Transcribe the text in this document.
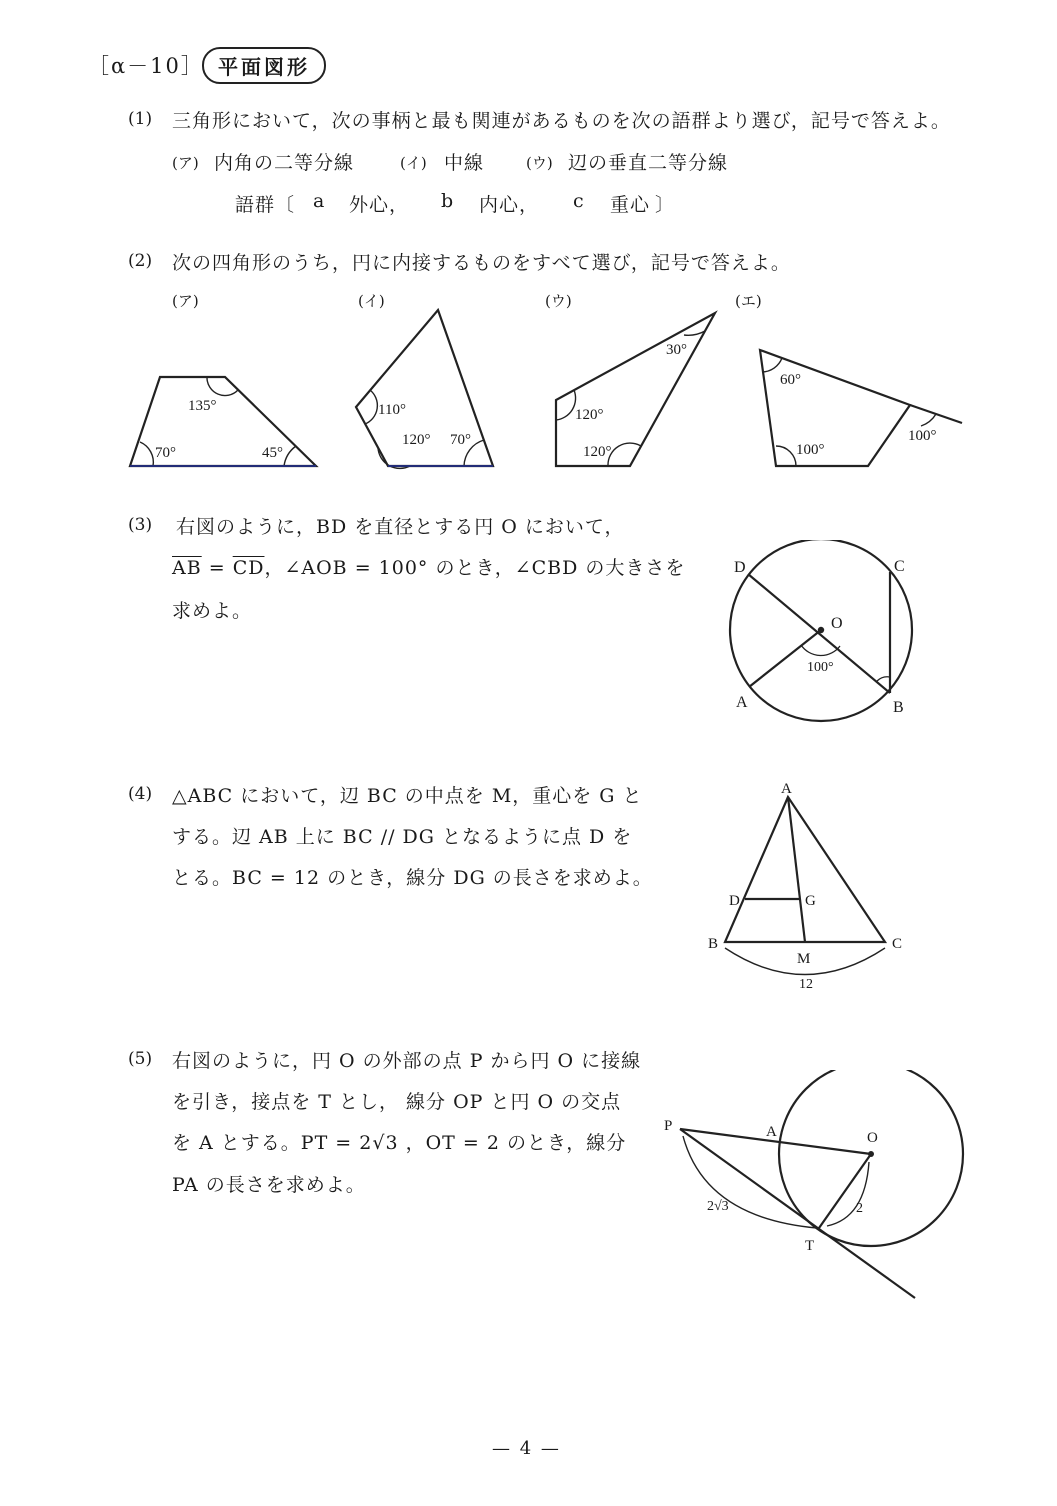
［α－10］ 平面図形
(1) 三角形において，次の事柄と最も関連があるものを次の語群より選び，記号で答えよ。
(ア) 内角の二等分線	(イ) 中線	(ウ) 辺の垂直二等分線
語群〔 a 外心， b 内心， c 重心 〕
(2) 次の四角形のうち，円に内接するものをすべて選び，記号で答えよ。
(ア)	(イ)	(ウ)	(エ)
135°
70°	45°
110°
120° 70°
30°
120°
120°
60°
100°
100°
(3) 右図のように，BD を直径とする円 O において，
$\overline{AB} = \overline{CD}$，∠AOB = 100° のとき，∠CBD の大きさを
求めよ。
D	C
O
100°
A	B
(4) △ABC において，辺 BC の中点を M，重心を G と
する。辺 AB 上に BC // DG となるように点 D を
とる。BC = 12 のとき，線分 DG の長さを求めよ。
A
D	G
B
M
C
12
(5) 右図のように，円 O の外部の点 P から円 O に接線
を引き，接点を T とし， 線分 OP と円 O の交点
を A とする。PT = 2√3 ，OT = 2 のとき，線分
PA の長さを求めよ。
P	A	O
T
2√3	2
— 4 —
